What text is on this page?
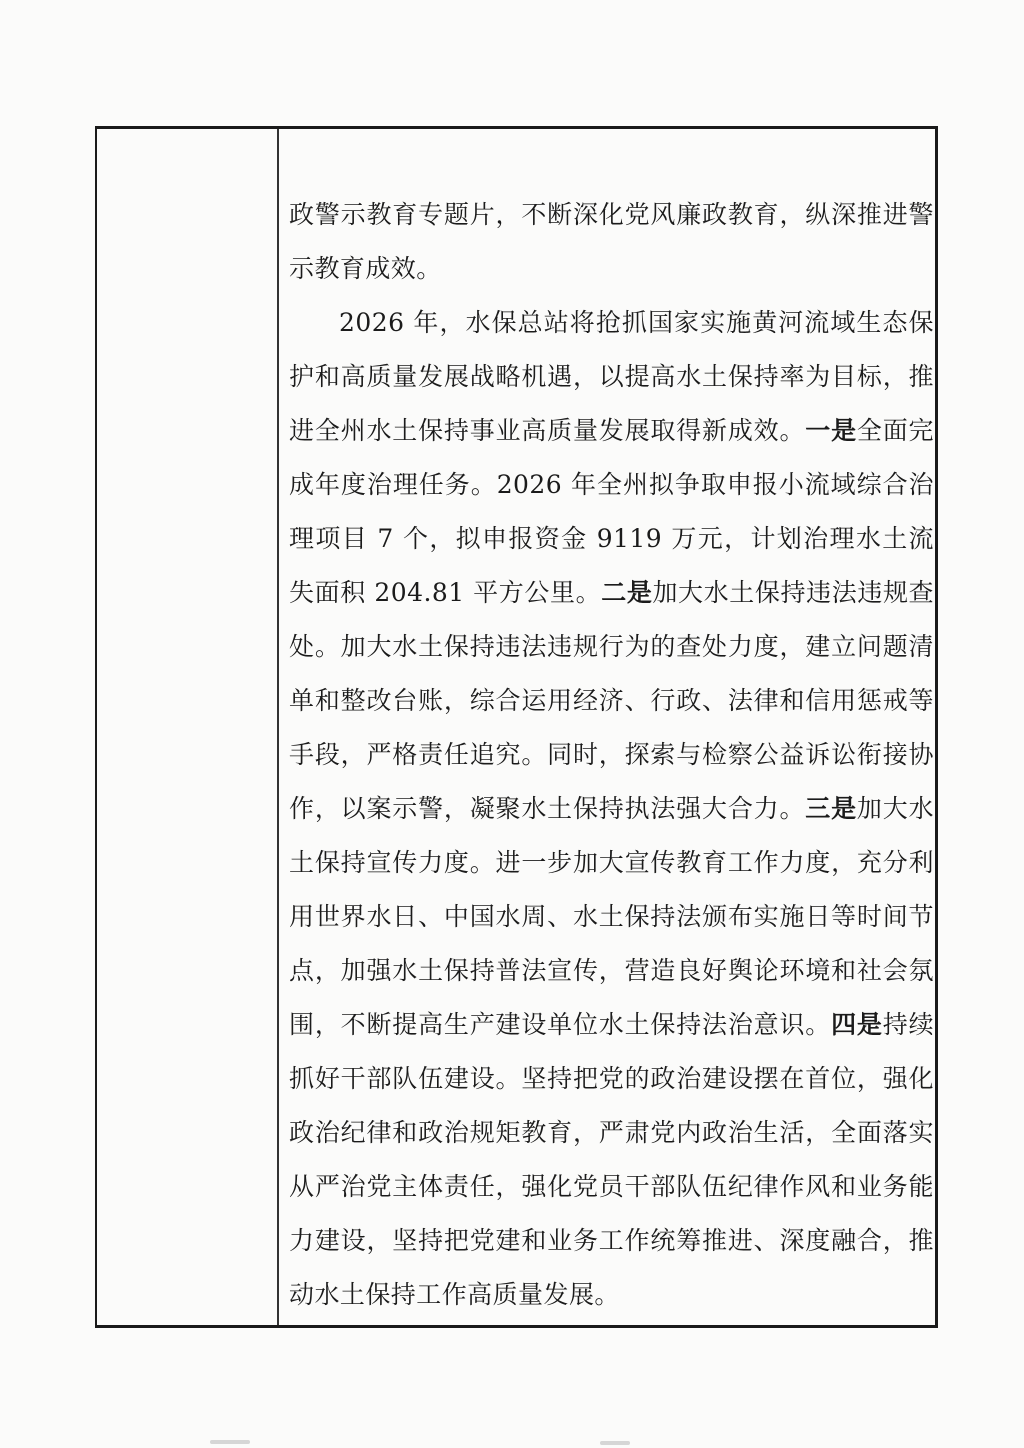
政警示教育专题片，不断深化党风廉政教育，纵深推进警示教育成效。

2026 年，水保总站将抢抓国家实施黄河流域生态保护和高质量发展战略机遇，以提高水土保持率为目标，推进全州水土保持事业高质量发展取得新成效。一是全面完成年度治理任务。2026 年全州拟争取申报小流域综合治理项目 7 个，拟申报资金 9119 万元，计划治理水土流失面积 204.81 平方公里。二是加大水土保持违法违规查处。加大水土保持违法违规行为的查处力度，建立问题清单和整改台账，综合运用经济、行政、法律和信用惩戒等手段，严格责任追究。同时，探索与检察公益诉讼衔接协作，以案示警，凝聚水土保持执法强大合力。三是加大水土保持宣传力度。进一步加大宣传教育工作力度，充分利用世界水日、中国水周、水土保持法颁布实施日等时间节点，加强水土保持普法宣传，营造良好舆论环境和社会氛围，不断提高生产建设单位水土保持法治意识。四是持续抓好干部队伍建设。坚持把党的政治建设摆在首位，强化政治纪律和政治规矩教育，严肃党内政治生活，全面落实从严治党主体责任，强化党员干部队伍纪律作风和业务能力建设，坚持把党建和业务工作统筹推进、深度融合，推动水土保持工作高质量发展。
